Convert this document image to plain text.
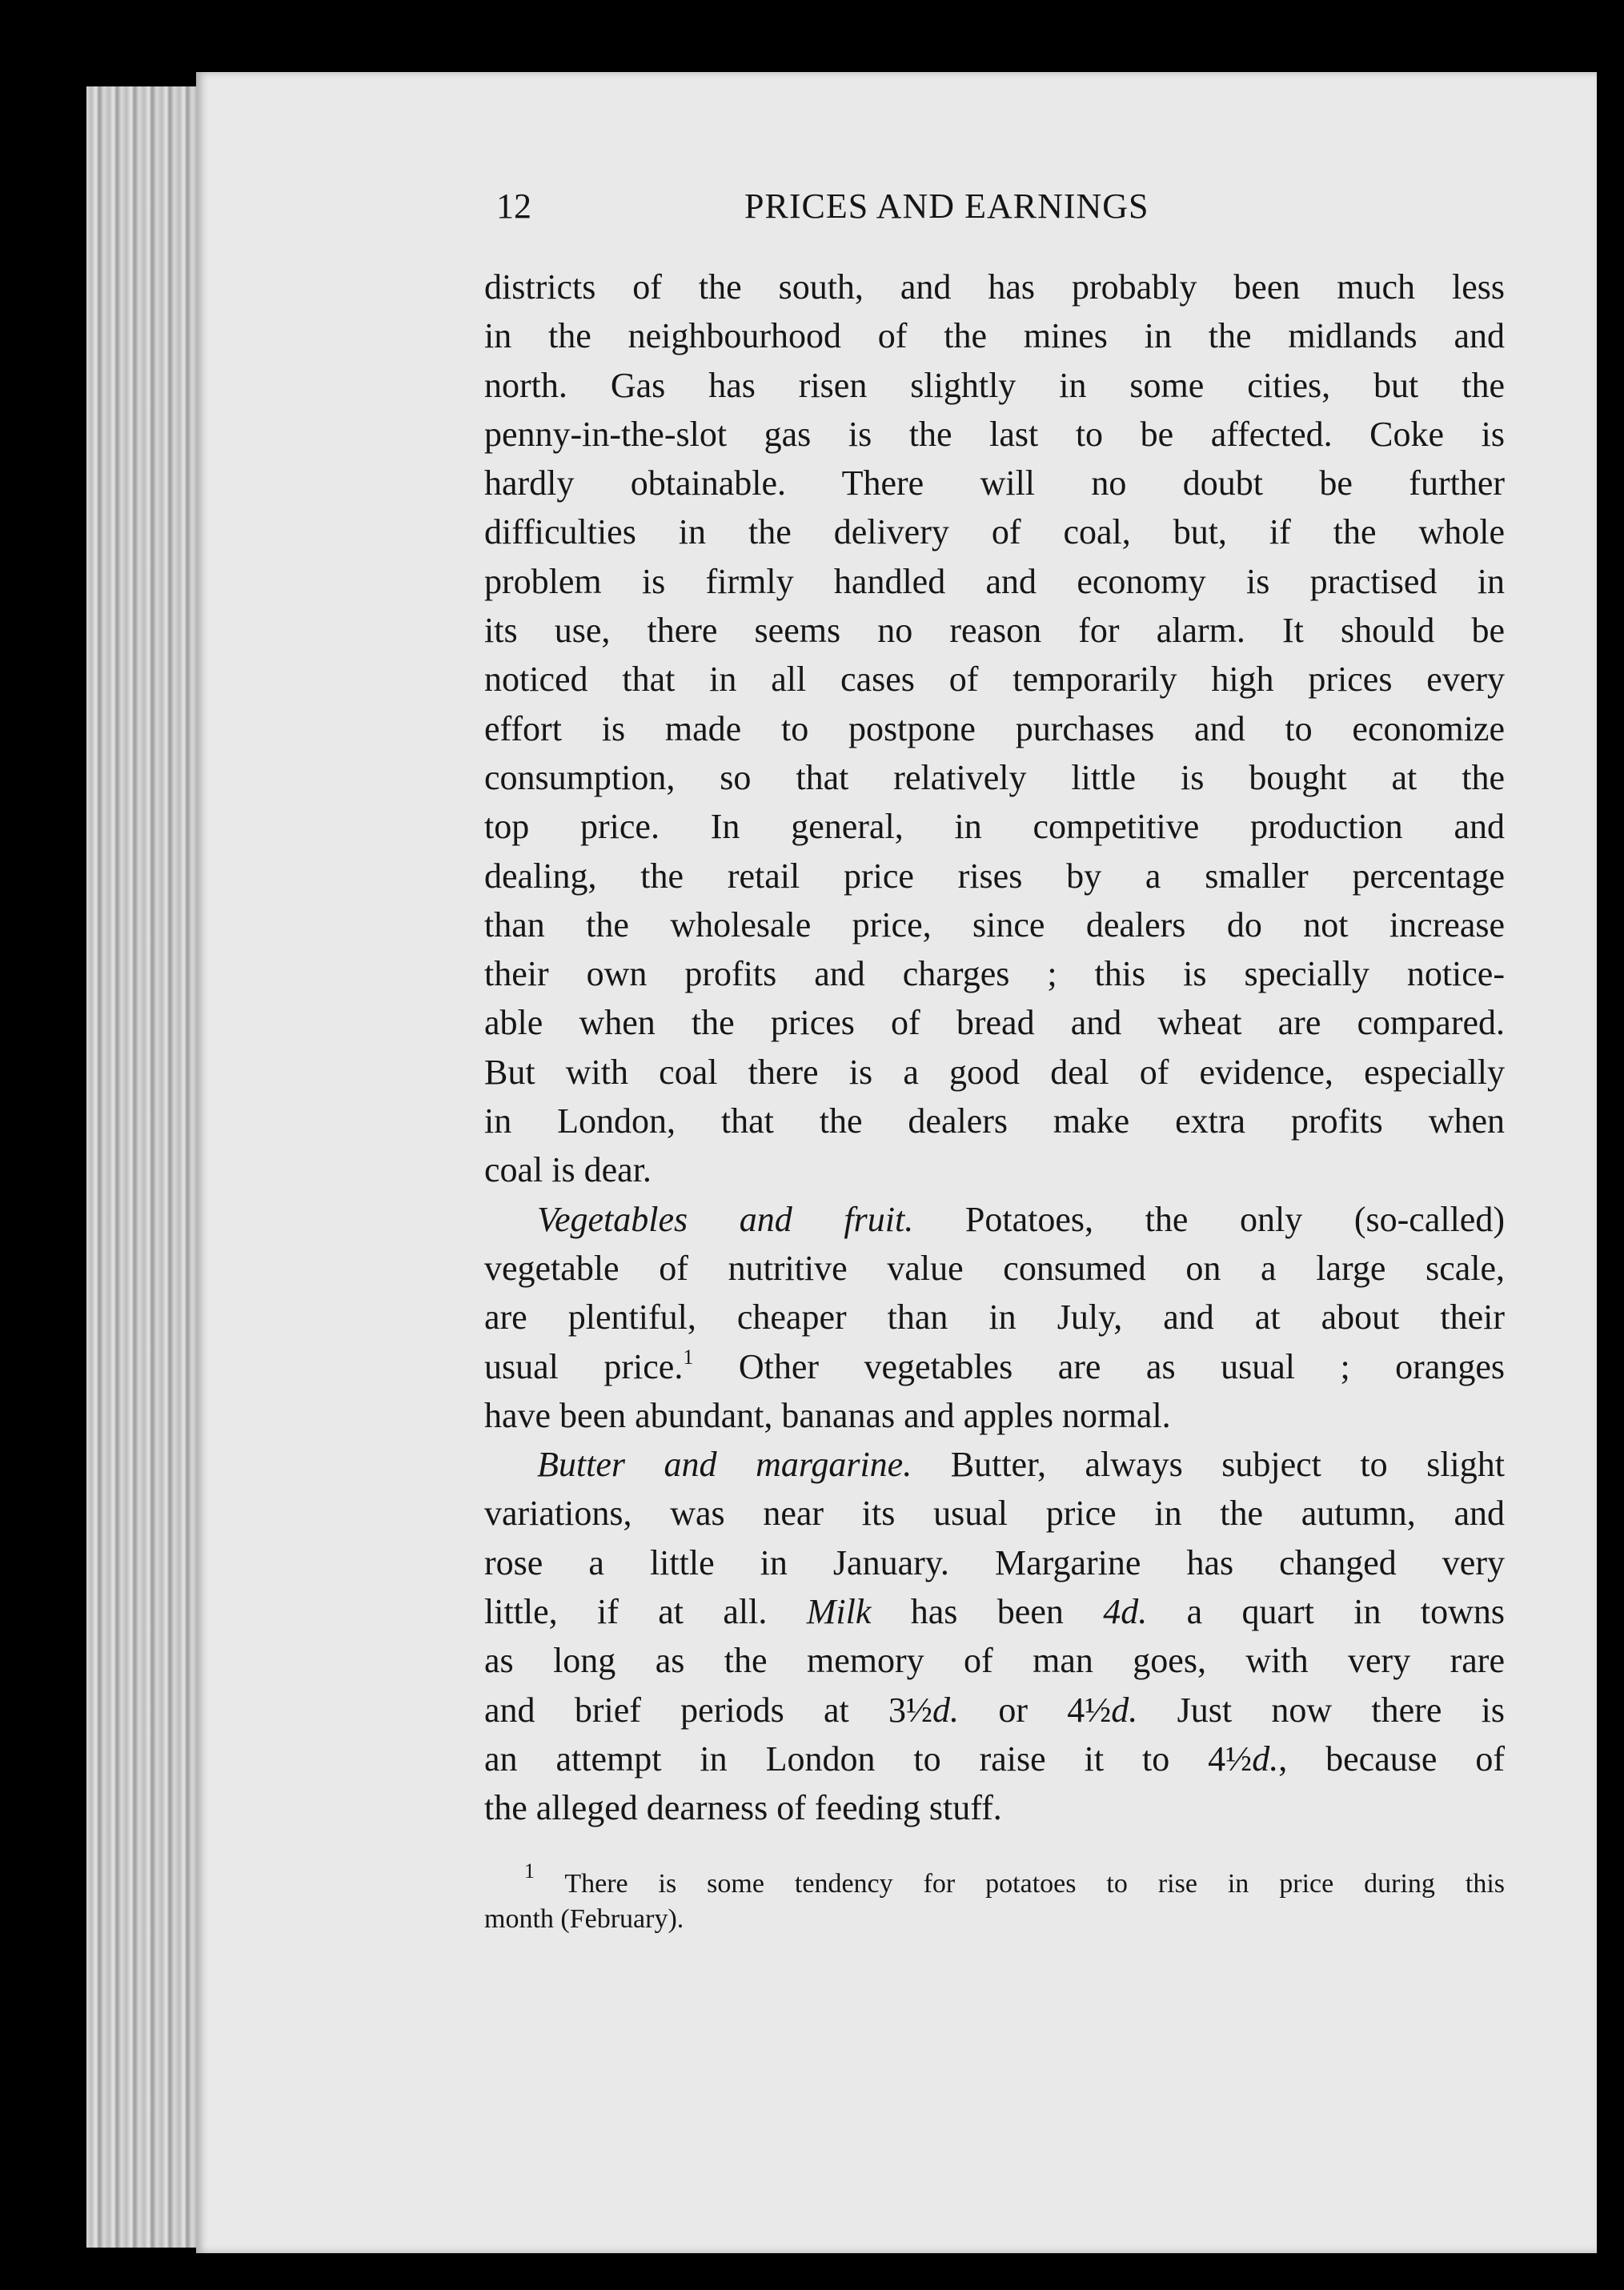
12	PRICES AND EARNINGS
districts of the south, and has probably been much less
in the neighbourhood of the mines in the midlands and
north. Gas has risen slightly in some cities, but the
penny-in-the-slot gas is the last to be affected. Coke is
hardly obtainable. There will no doubt be further
difficulties in the delivery of coal, but, if the whole
problem is firmly handled and economy is practised in
its use, there seems no reason for alarm. It should be
noticed that in all cases of temporarily high prices every
effort is made to postpone purchases and to economize
consumption, so that relatively little is bought at the
top price. In general, in competitive production and
dealing, the retail price rises by a smaller percentage
than the wholesale price, since dealers do not increase
their own profits and charges ; this is specially notice-
able when the prices of bread and wheat are compared.
But with coal there is a good deal of evidence, especially
in London, that the dealers make extra profits when
coal is dear.
Vegetables and fruit. Potatoes, the only (so-called)
vegetable of nutritive value consumed on a large scale,
are plentiful, cheaper than in July, and at about their
usual price.$^1$ Other vegetables are as usual ; oranges
have been abundant, bananas and apples normal.
Butter and margarine. Butter, always subject to slight
variations, was near its usual price in the autumn, and
rose a little in January. Margarine has changed very
little, if at all. Milk has been 4d. a quart in towns
as long as the memory of man goes, with very rare
and brief periods at 3½d. or 4½d. Just now there is
an attempt in London to raise it to 4½d., because of
the alleged dearness of feeding stuff.
$^1$ There is some tendency for potatoes to rise in price during this
month (February).
